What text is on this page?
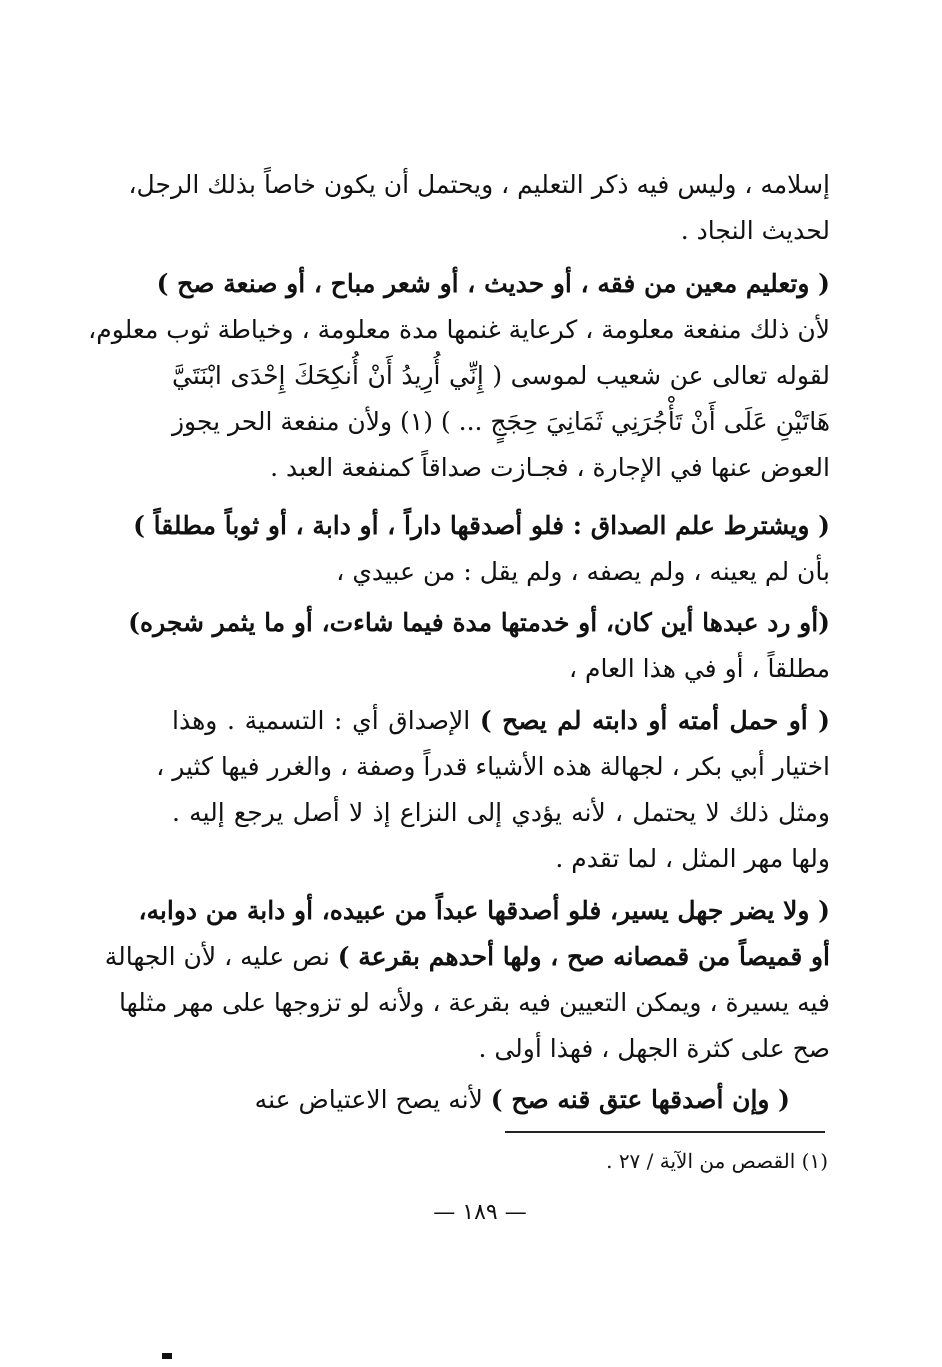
إسلامه ، وليس فيه ذكر التعليم ، ويحتمل أن يكون خاصاً بذلك الرجل،
لحديث النجاد .
( وتعليم معين من فقه ، أو حديث ، أو شعر مباح ، أو صنعة صح )
لأن ذلك منفعة معلومة ، كرعاية غنمها مدة معلومة ، وخياطة ثوب معلوم،
لقوله تعالى عن شعيب لموسى ( إِنِّي أُرِيدُ أَنْ أُنكِحَكَ إِحْدَى ابْنَتَيَّ
هَاتَيْنِ عَلَى أَنْ تَأْجُرَنِي ثَمَانِيَ حِجَجٍ ... ) (١) ولأن منفعة الحر يجوز
العوض عنها في الإجارة ، فجـازت صداقاً كمنفعة العبد .
( ويشترط علم الصداق : فلو أصدقها داراً ، أو دابة ، أو ثوباً مطلقاً )
بأن لم يعينه ، ولم يصفه ، ولم يقل : من عبيدي ،
(أو رد عبدها أين كان، أو خدمتها مدة فيما شاءت، أو ما يثمر شجره)
مطلقاً ، أو في هذا العام ،
( أو حمل أمته أو دابته لم يصح ) الإصداق أي : التسمية . وهذا
اختيار أبي بكر ، لجهالة هذه الأشياء قدراً وصفة ، والغرر فيها كثير ،
ومثل ذلك لا يحتمل ، لأنه يؤدي إلى النزاع إذ لا أصل يرجع إليه .
ولها مهر المثل ، لما تقدم .
( ولا يضر جهل يسير، فلو أصدقها عبداً من عبيده، أو دابة من دوابه،
أو قميصاً من قمصانه صح ، ولها أحدهم بقرعة ) نص عليه ، لأن الجهالة
فيه يسيرة ، ويمكن التعيين فيه بقرعة ، ولأنه لو تزوجها على مهر مثلها
صح على كثرة الجهل ، فهذا أولى .
( وإن أصدقها عتق قنه صح ) لأنه يصح الاعتياض عنه
(١) القصص من الآية / ٢٧ .
— ١٨٩ —
